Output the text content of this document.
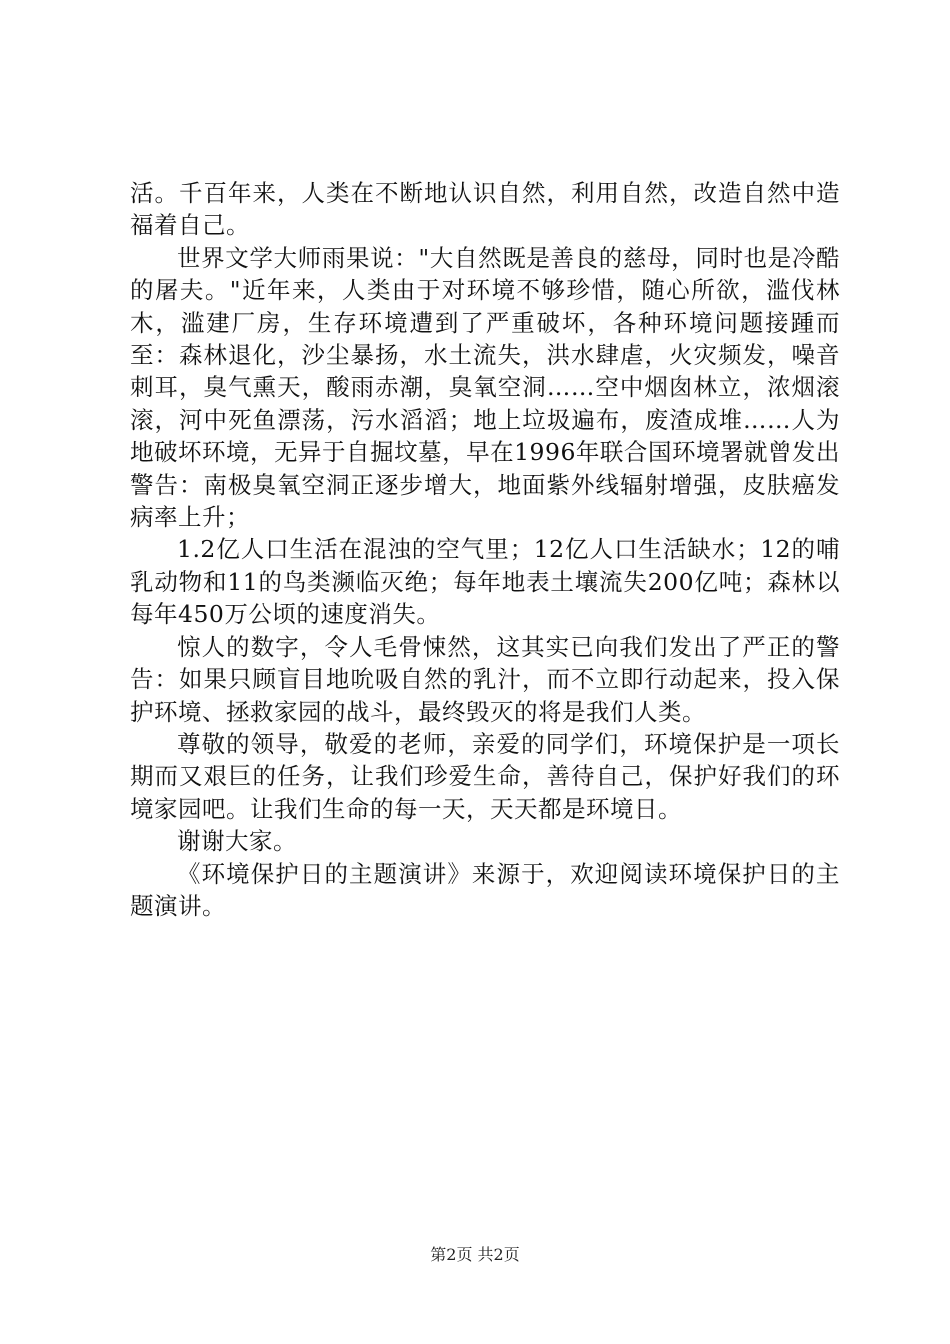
活。千百年来，人类在不断地认识自然，利用自然，改造自然中造福着自己。

世界文学大师雨果说："大自然既是善良的慈母，同时也是冷酷的屠夫。"近年来，人类由于对环境不够珍惜，随心所欲，滥伐林木，滥建厂房，生存环境遭到了严重破坏，各种环境问题接踵而至：森林退化，沙尘暴扬，水土流失，洪水肆虐，火灾频发，噪音刺耳，臭气熏天，酸雨赤潮，臭氧空洞……空中烟囱林立，浓烟滚滚，河中死鱼漂荡，污水滔滔；地上垃圾遍布，废渣成堆……人为地破坏环境，无异于自掘坟墓，早在1996年联合国环境署就曾发出警告：南极臭氧空洞正逐步增大，地面紫外线辐射增强，皮肤癌发病率上升；

1.2亿人口生活在混浊的空气里；12亿人口生活缺水；12的哺乳动物和11的鸟类濒临灭绝；每年地表土壤流失200亿吨；森林以每年450万公顷的速度消失。

惊人的数字，令人毛骨悚然，这其实已向我们发出了严正的警告：如果只顾盲目地吮吸自然的乳汁，而不立即行动起来，投入保护环境、拯救家园的战斗，最终毁灭的将是我们人类。

尊敬的领导，敬爱的老师，亲爱的同学们，环境保护是一项长期而又艰巨的任务，让我们珍爱生命，善待自己，保护好我们的环境家园吧。让我们生命的每一天，天天都是环境日。

谢谢大家。

《环境保护日的主题演讲》来源于，欢迎阅读环境保护日的主题演讲。

第2页 共2页
